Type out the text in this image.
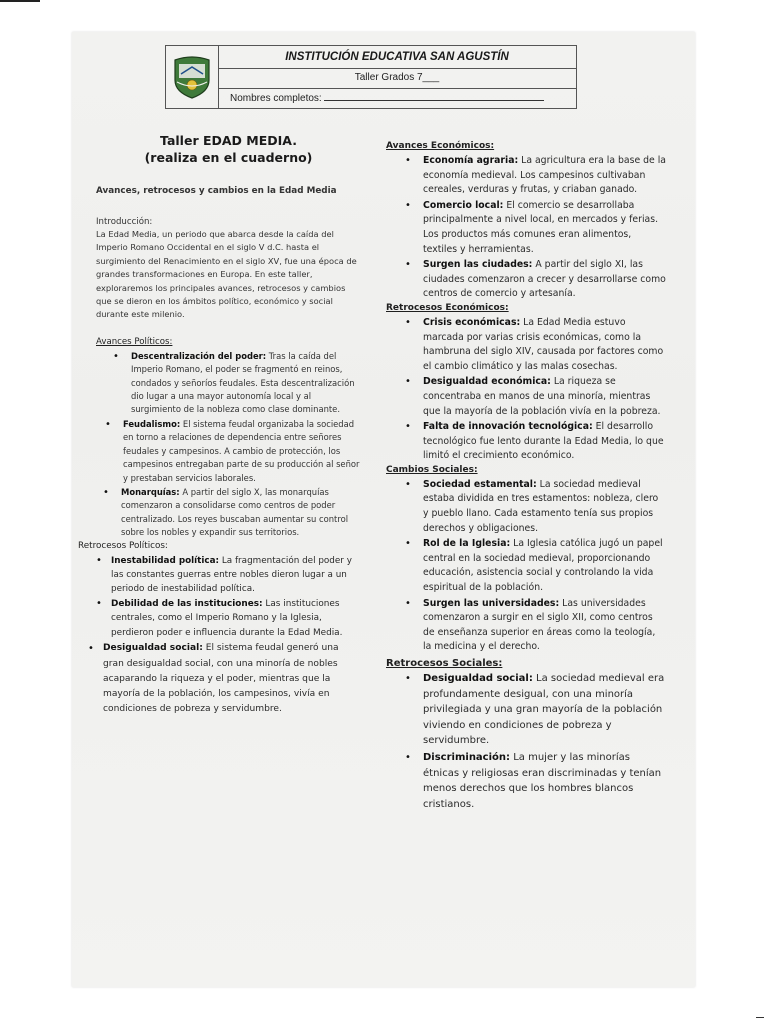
INSTITUCIÓN EDUCATIVA SAN AGUSTÍN
Taller Grados 7___
Nombres completos:

Taller EDAD MEDIA.

(realiza en el cuaderno)

Avances, retrocesos y cambios en la Edad Media

Introducción:

La Edad Media, un periodo que abarca desde la caída del Imperio Romano Occidental en el siglo V d.C. hasta el surgimiento del Renacimiento en el siglo XV, fue una época de grandes transformaciones en Europa. En este taller, exploraremos los principales avances, retrocesos y cambios que se dieron en los ámbitos político, económico y social durante este milenio.

Avances Políticos:

• Descentralización del poder: Tras la caída del Imperio Romano, el poder se fragmentó en reinos, condados y señoríos feudales. Esta descentralización dio lugar a una mayor autonomía local y al surgimiento de la nobleza como clase dominante.
• Feudalismo: El sistema feudal organizaba la sociedad en torno a relaciones de dependencia entre señores feudales y campesinos. A cambio de protección, los campesinos entregaban parte de su producción al señor y prestaban servicios laborales.
• Monarquías: A partir del siglo X, las monarquías comenzaron a consolidarse como centros de poder centralizado. Los reyes buscaban aumentar su control sobre los nobles y expandir sus territorios.

Retrocesos Políticos:

• Inestabilidad política: La fragmentación del poder y las constantes guerras entre nobles dieron lugar a un periodo de inestabilidad política.
• Debilidad de las instituciones: Las instituciones centrales, como el Imperio Romano y la Iglesia, perdieron poder e influencia durante la Edad Media.
• Desigualdad social: El sistema feudal generó una gran desigualdad social, con una minoría de nobles acaparando la riqueza y el poder, mientras que la mayoría de la población, los campesinos, vivía en condiciones de pobreza y servidumbre.

Avances Económicos:

• Economía agraria: La agricultura era la base de la economía medieval. Los campesinos cultivaban cereales, verduras y frutas, y criaban ganado.
• Comercio local: El comercio se desarrollaba principalmente a nivel local, en mercados y ferias. Los productos más comunes eran alimentos, textiles y herramientas.
• Surgen las ciudades: A partir del siglo XI, las ciudades comenzaron a crecer y desarrollarse como centros de comercio y artesanía.

Retrocesos Económicos:

• Crisis económicas: La Edad Media estuvo marcada por varias crisis económicas, como la hambruna del siglo XIV, causada por factores como el cambio climático y las malas cosechas.
• Desigualdad económica: La riqueza se concentraba en manos de una minoría, mientras que la mayoría de la población vivía en la pobreza.
• Falta de innovación tecnológica: El desarrollo tecnológico fue lento durante la Edad Media, lo que limitó el crecimiento económico.

Cambios Sociales:

• Sociedad estamental: La sociedad medieval estaba dividida en tres estamentos: nobleza, clero y pueblo llano. Cada estamento tenía sus propios derechos y obligaciones.
• Rol de la Iglesia: La Iglesia católica jugó un papel central en la sociedad medieval, proporcionando educación, asistencia social y controlando la vida espiritual de la población.
• Surgen las universidades: Las universidades comenzaron a surgir en el siglo XII, como centros de enseñanza superior en áreas como la teología, la medicina y el derecho.

Retrocesos Sociales:

• Desigualdad social: La sociedad medieval era profundamente desigual, con una minoría privilegiada y una gran mayoría de la población viviendo en condiciones de pobreza y servidumbre.
• Discriminación: La mujer y las minorías étnicas y religiosas eran discriminadas y tenían menos derechos que los hombres blancos cristianos.
